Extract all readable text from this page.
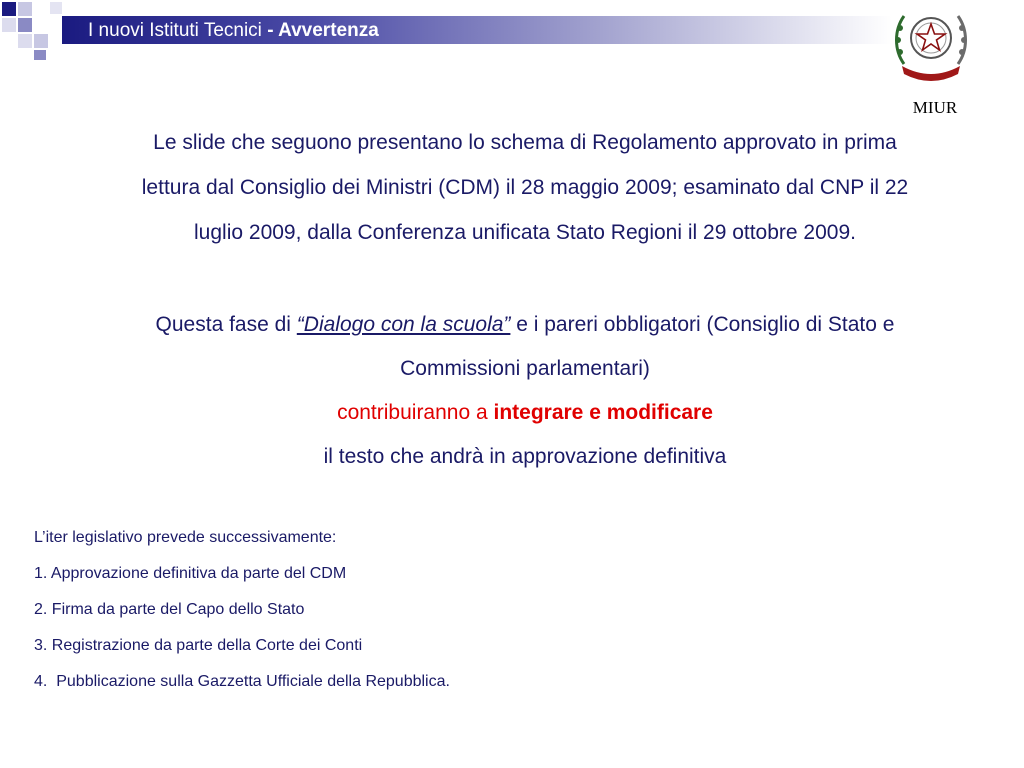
I nuovi Istituti Tecnici - Avvertenza
MIUR
Le slide che seguono presentano lo schema di Regolamento approvato in prima
lettura dal Consiglio dei Ministri (CDM) il 28 maggio 2009; esaminato dal CNP il 22
luglio 2009, dalla Conferenza unificata Stato Regioni il 29 ottobre 2009.
Questa fase di “Dialogo con la scuola” e i pareri obbligatori (Consiglio di Stato e
Commissioni parlamentari)
contribuiranno a integrare e modificare
il testo che andrà in approvazione definitiva
L’iter legislativo prevede successivamente:
1. Approvazione definitiva da parte del CDM
2. Firma da parte del Capo dello Stato
3. Registrazione da parte della Corte dei Conti
4.  Pubblicazione sulla Gazzetta Ufficiale della Repubblica.
